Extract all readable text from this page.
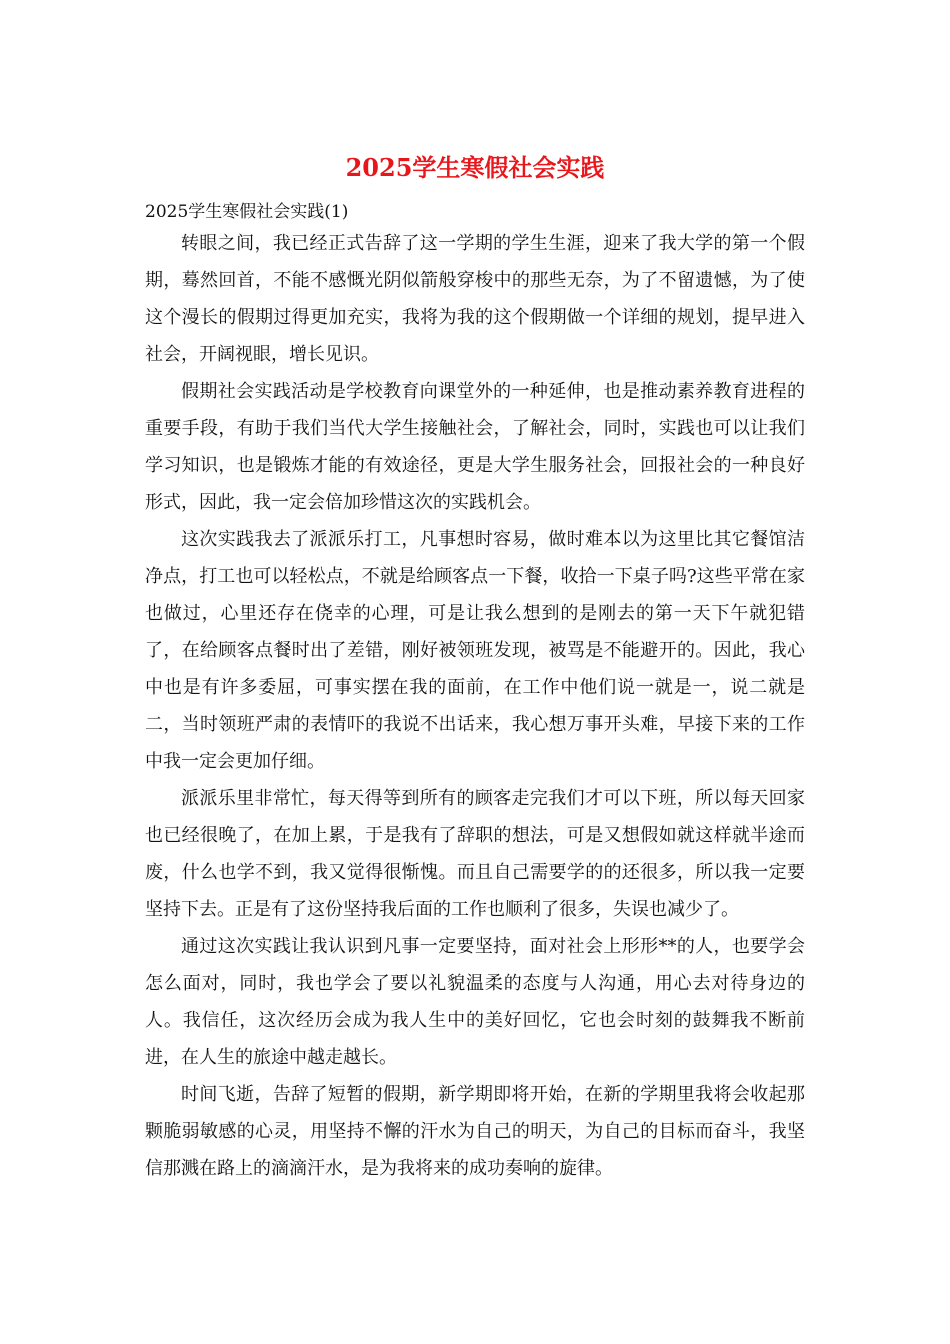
2025学生寒假社会实践

2025学生寒假社会实践(1)

转眼之间，我已经正式告辞了这一学期的学生生涯，迎来了我大学的第一个假期，蓦然回首，不能不感慨光阴似箭般穿梭中的那些无奈，为了不留遗憾，为了使这个漫长的假期过得更加充实，我将为我的这个假期做一个详细的规划，提早进入社会，开阔视眼，增长见识。

假期社会实践活动是学校教育向课堂外的一种延伸，也是推动素养教育进程的重要手段，有助于我们当代大学生接触社会，了解社会，同时，实践也可以让我们学习知识，也是锻炼才能的有效途径，更是大学生服务社会，回报社会的一种良好形式，因此，我一定会倍加珍惜这次的实践机会。

这次实践我去了派派乐打工，凡事想时容易，做时难本以为这里比其它餐馆洁净点，打工也可以轻松点，不就是给顾客点一下餐，收拾一下桌子吗?这些平常在家也做过，心里还存在侥幸的心理，可是让我么想到的是刚去的第一天下午就犯错了，在给顾客点餐时出了差错，刚好被领班发现，被骂是不能避开的。因此，我心中也是有许多委屈，可事实摆在我的面前，在工作中他们说一就是一，说二就是二，当时领班严肃的表情吓的我说不出话来，我心想万事开头难，早接下来的工作中我一定会更加仔细。

派派乐里非常忙，每天得等到所有的顾客走完我们才可以下班，所以每天回家也已经很晚了，在加上累，于是我有了辞职的想法，可是又想假如就这样就半途而废，什么也学不到，我又觉得很惭愧。而且自己需要学的的还很多，所以我一定要坚持下去。正是有了这份坚持我后面的工作也顺利了很多，失误也减少了。

通过这次实践让我认识到凡事一定要坚持，面对社会上形形**的人，也要学会怎么面对，同时，我也学会了要以礼貌温柔的态度与人沟通，用心去对待身边的人。我信任，这次经历会成为我人生中的美好回忆，它也会时刻的鼓舞我不断前进，在人生的旅途中越走越长。

时间飞逝，告辞了短暂的假期，新学期即将开始，在新的学期里我将会收起那颗脆弱敏感的心灵，用坚持不懈的汗水为自己的明天，为自己的目标而奋斗，我坚信那溅在路上的滴滴汗水，是为我将来的成功奏响的旋律。
